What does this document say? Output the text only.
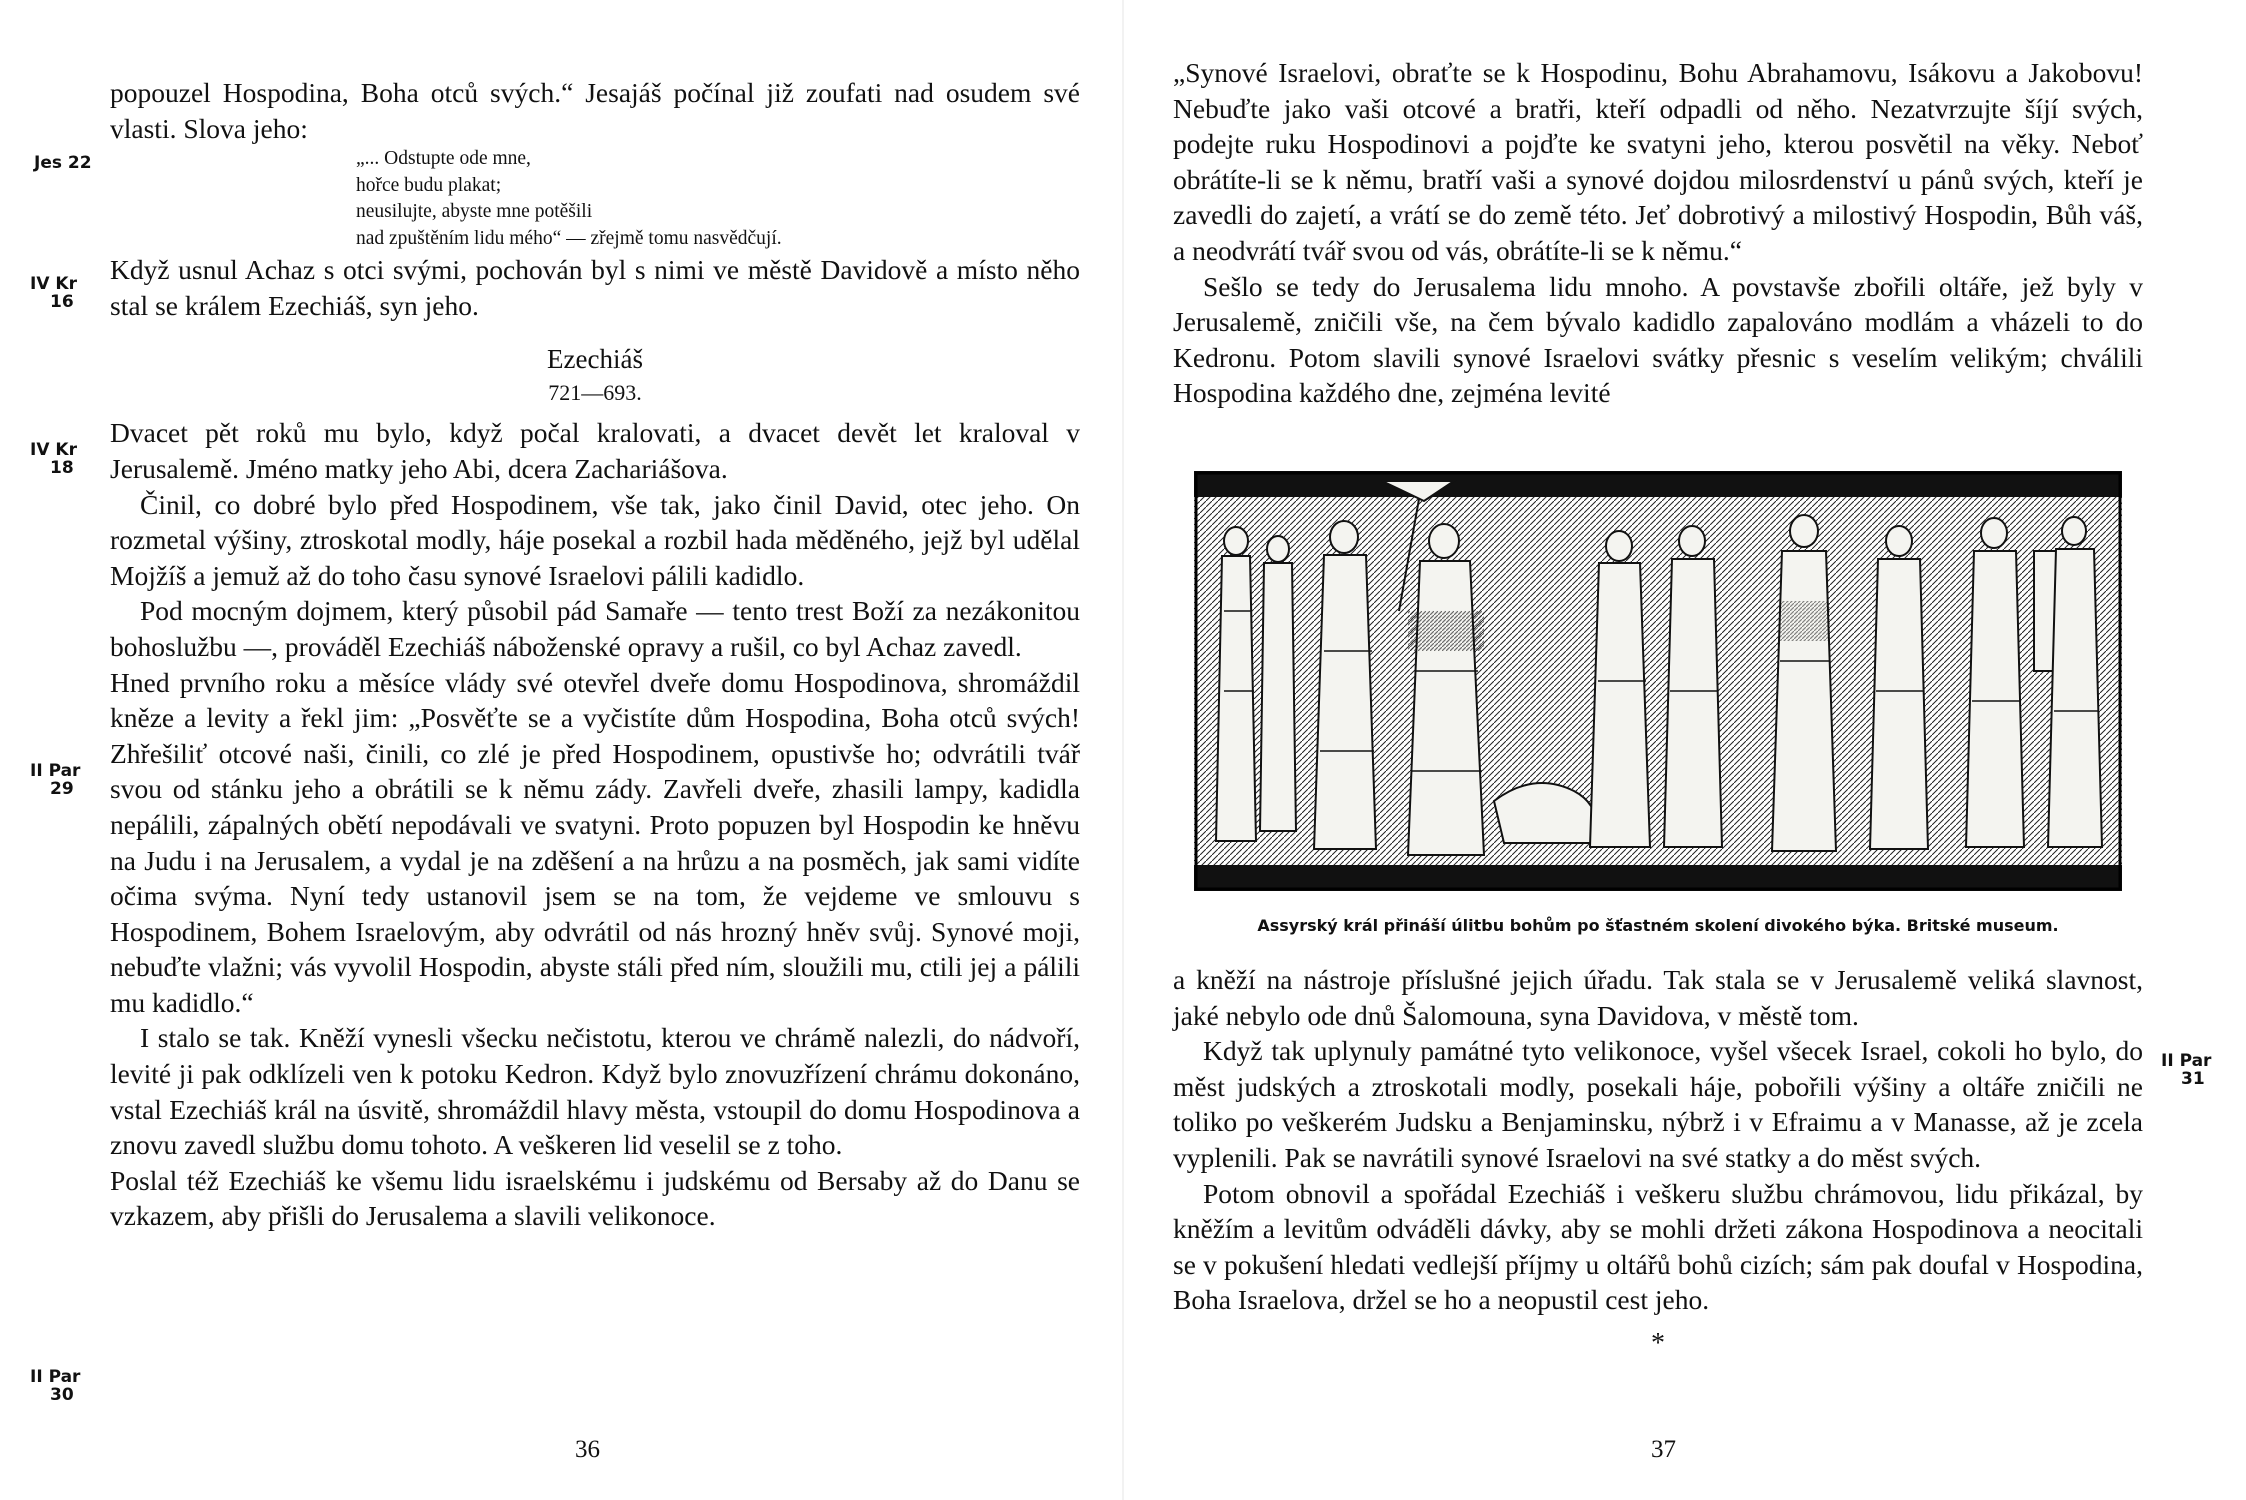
Jes 22
IV Kr
16
IV Kr
18
II Par
29
II Par
30

popouzel Hospodina, Boha otců svých.“ Jesajáš počínal již zoufati nad osudem své vlasti. Slova jeho:

„... Odstupte ode mne,
hořce budu plakat;
neusilujte, abyste mne potěšili
nad zpuštěním lidu mého“ — zřejmě tomu nasvědčují.

Když usnul Achaz s otci svými, pochován byl s nimi ve městě Davidově a místo něho stal se králem Ezechiáš, syn jeho.

Ezechiáš
721—693.

Dvacet pět roků mu bylo, když počal kralovati, a dvacet devět let kraloval v Jerusalemě. Jméno matky jeho Abi, dcera Zachariášova.

Činil, co dobré bylo před Hospodinem, vše tak, jako činil David, otec jeho. On rozmetal výšiny, ztroskotal modly, háje posekal a rozbil hada měděného, jejž byl udělal Mojžíš a jemuž až do toho času synové Israelovi pálili kadidlo.

Pod mocným dojmem, který působil pád Samaře — tento trest Boží za nezákonitou bohoslužbu —, prováděl Ezechiáš náboženské opravy a rušil, co byl Achaz zavedl.

Hned prvního roku a měsíce vlády své otevřel dveře domu Hospodinova, shromáždil kněze a levity a řekl jim: „Posvěťte se a vyčistíte dům Hospodina, Boha otců svých! Zhřešiliť otcové naši, činili, co zlé je před Hospodinem, opustivše ho; odvrátili tvář svou od stánku jeho a obrátili se k němu zády. Zavřeli dveře, zhasili lampy, kadidla nepálili, zápalných obětí nepodávali ve svatyni. Proto popuzen byl Hospodin ke hněvu na Judu i na Jerusalem, a vydal je na zděšení a na hrůzu a na posměch, jak sami vidíte očima svýma. Nyní tedy ustanovil jsem se na tom, že vejdeme ve smlouvu s Hospodinem, Bohem Israelovým, aby odvrátil od nás hrozný hněv svůj. Synové moji, nebuďte vlažni; vás vyvolil Hospodin, abyste stáli před ním, sloužili mu, ctili jej a pálili mu kadidlo.“

I stalo se tak. Kněží vynesli všecku nečistotu, kterou ve chrámě nalezli, do nádvoří, levité ji pak odklízeli ven k potoku Kedron. Když bylo znovuzřízení chrámu dokonáno, vstal Ezechiáš král na úsvitě, shromáždil hlavy města, vstoupil do domu Hospodinova a znovu zavedl službu domu tohoto. A veškeren lid veselil se z toho.

Poslal též Ezechiáš ke všemu lidu israelskému i judskému od Bersaby až do Danu se vzkazem, aby přišli do Jerusalema a slavili velikonoce.

36

„Synové Israelovi, obraťte se k Hospodinu, Bohu Abrahamovu, Isákovu a Jakobovu! Nebuďte jako vaši otcové a bratři, kteří odpadli od něho. Nezatvrzujte šíjí svých, podejte ruku Hospodinovi a pojďte ke svatyni jeho, kterou posvětil na věky. Neboť obrátíte-li se k němu, bratří vaši a synové dojdou milosrdenství u pánů svých, kteří je zavedli do zajetí, a vrátí se do země této. Jeť dobrotivý a milostivý Hospodin, Bůh váš, a neodvrátí tvář svou od vás, obrátíte-li se k němu.“

Sešlo se tedy do Jerusalema lidu mnoho. A povstavše zbořili oltáře, jež byly v Jerusalemě, zničili vše, na čem bývalo kadidlo zapalováno modlám a vházeli to do Kedronu. Potom slavili synové Israelovi svátky přesnic s veselím velikým; chválili Hospodina každého dne, zejména levité

Assyrský král přináší úlitbu bohům po šťastném skolení divokého býka. Britské museum.

a kněží na nástroje příslušné jejich úřadu. Tak stala se v Jerusalemě veliká slavnost, jaké nebylo ode dnů Šalomouna, syna Davidova, v městě tom.

Když tak uplynuly památné tyto velikonoce, vyšel všecek Israel, cokoli ho bylo, do měst judských a ztroskotali modly, posekali háje, pobořili výšiny a oltáře zničili ne toliko po veškerém Judsku a Benjaminsku, nýbrž i v Efraimu a v Manasse, až je zcela vyplenili. Pak se navrátili synové Israelovi na své statky a do měst svých.

Potom obnovil a spořádal Ezechiáš i veškeru službu chrámovou, lidu přikázal, by kněžím a levitům odváděli dávky, aby se mohli držeti zákona Hospodinova a neocitali se v pokušení hledati vedlejší příjmy u oltářů bohů cizích; sám pak doufal v Hospodina, Boha Israelova, držel se ho a neopustil cest jeho.

*
II Par
31
37
